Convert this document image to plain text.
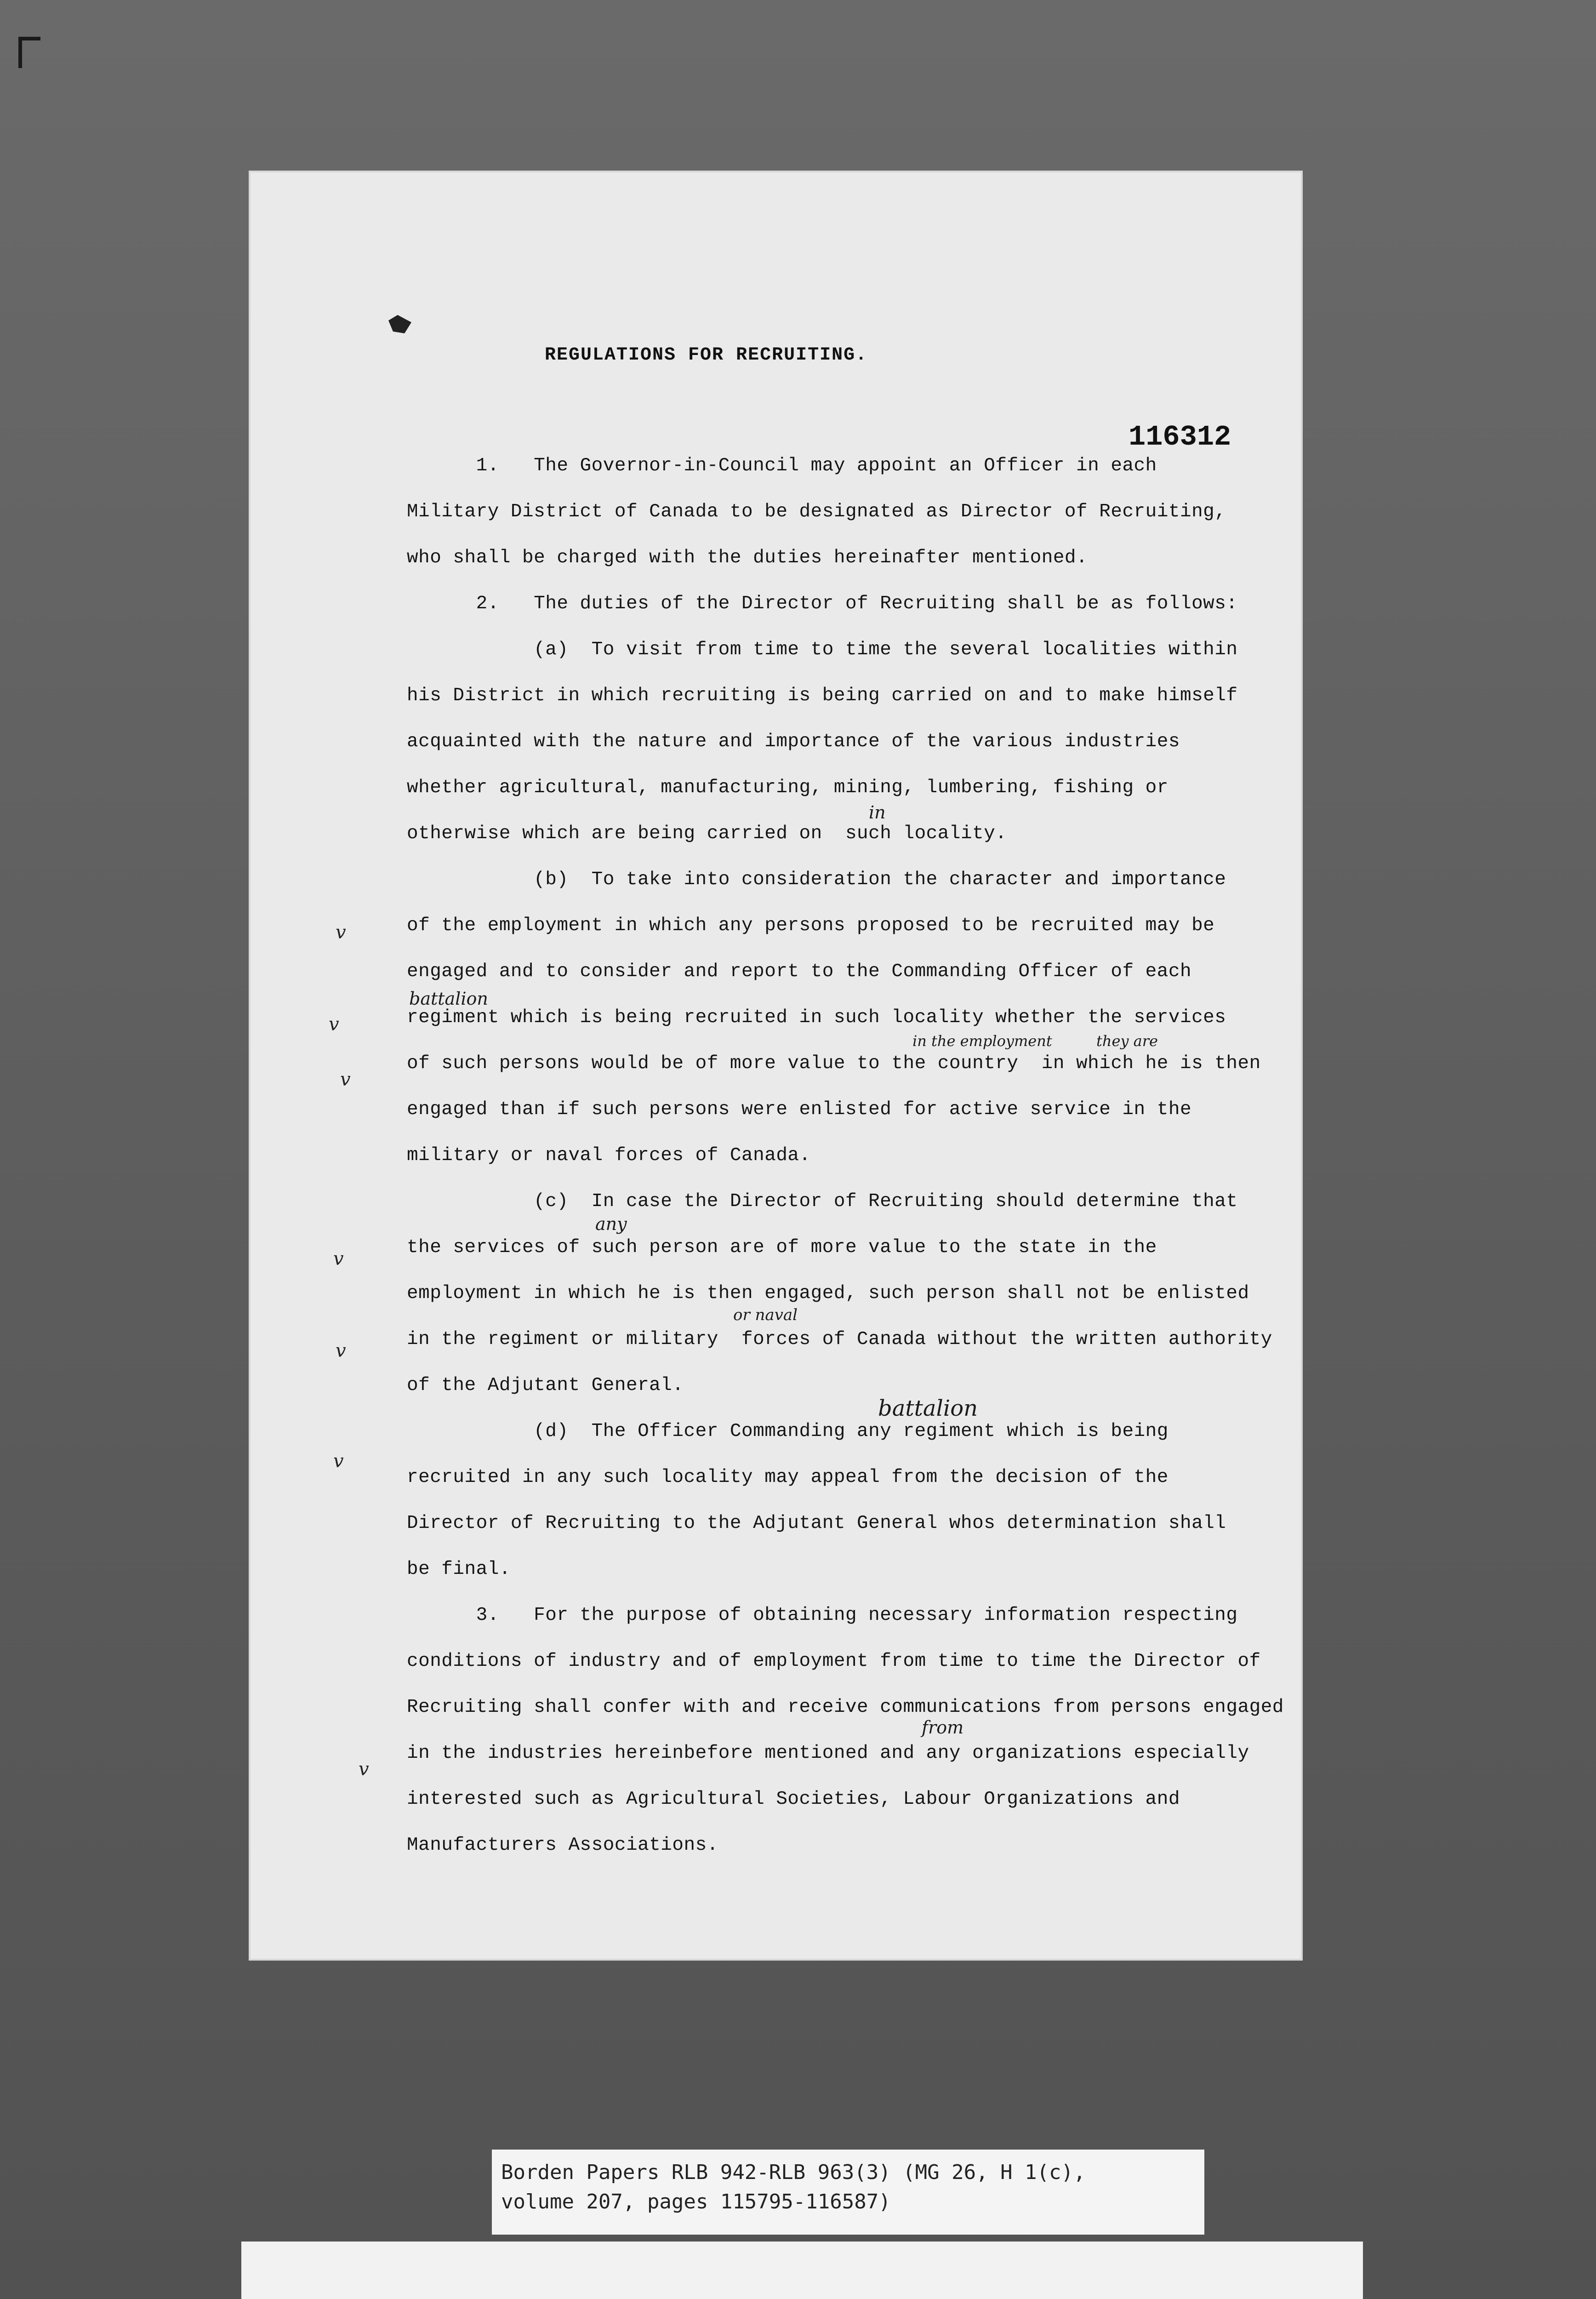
REGULATIONS FOR RECRUITING.
116312
1.   The Governor-in-Council may appoint an Officer in each
Military District of Canada to be designated as Director of Recruiting,
who shall be charged with the duties hereinafter mentioned.
2.   The duties of the Director of Recruiting shall be as follows:
(a)  To visit from time to time the several localities within
his District in which recruiting is being carried on and to make himself
acquainted with the nature and importance of the various industries
whether agricultural, manufacturing, mining, lumbering, fishing or
otherwise which are being carried on  such locality.
(b)  To take into consideration the character and importance
of the employment in which any persons proposed to be recruited may be
engaged and to consider and report to the Commanding Officer of each
regiment which is being recruited in such locality whether the services
of such persons would be of more value to the country  in which he is then
engaged than if such persons were enlisted for active service in the
military or naval forces of Canada.
(c)  In case the Director of Recruiting should determine that
the services of such person are of more value to the state in the
employment in which he is then engaged, such person shall not be enlisted
in the regiment or military  forces of Canada without the written authority
of the Adjutant General.
(d)  The Officer Commanding any regiment which is being
recruited in any such locality may appeal from the decision of the
Director of Recruiting to the Adjutant General whos determination shall
be final.
3.   For the purpose of obtaining necessary information respecting
conditions of industry and of employment from time to time the Director of
Recruiting shall confer with and receive communications from persons engaged
in the industries hereinbefore mentioned and any organizations especially
interested such as Agricultural Societies, Labour Organizations and
Manufacturers Associations.
in
battalion
in the employment	they are
any
or naval
battalion
from
v
v
v
v
v
v
v
Borden Papers RLB 942-RLB 963(3) (MG 26, H 1(c),
volume 207, pages 115795-116587)
